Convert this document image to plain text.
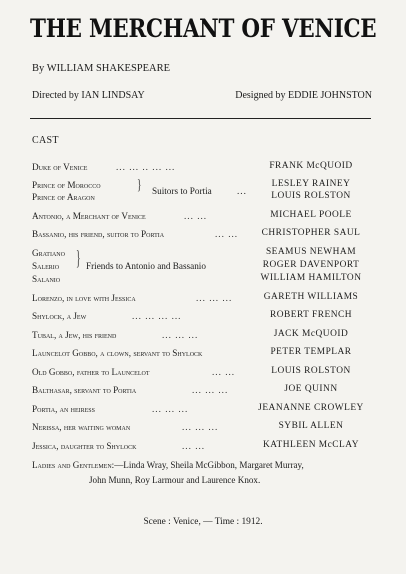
THE MERCHANT OF VENICE
By WILLIAM SHAKESPEARE
Directed by IAN LINDSAY	Designed by EDDIE JOHNSTON
CAST
Duke of Venice	... ... .. ... ...	FRANK McQUOID
Prince of Morocco	LESLEY RAINEY
Prince of Aragon	LOUIS ROLSTON
} Suitors to Portia	...
Antonio, a Merchant of Venice	... ...	MICHAEL POOLE
Bassanio, his friend, suitor to Portia	... ...	CHRISTOPHER SAUL
Gratiano	SEAMUS NEWHAM
Salerio	ROGER DAVENPORT
Salanio	WILLIAM HAMILTON
} Friends to Antonio and Bassanio
Lorenzo, in love with Jessica	... ... ...	GARETH WILLIAMS
Shylock, a Jew	... ... ... ...	ROBERT FRENCH
Tubal, a Jew, his friend	... ... ...	JACK McQUOID
Launcelot Gobbo, a clown, servant to Shylock	PETER TEMPLAR
Old Gobbo, father to Launcelot	... ...	LOUIS ROLSTON
Balthasar, servant to Portia	... ... ...	JOE QUINN
Portia, an heiress	... ... ...	JEANANNE CROWLEY
Nerissa, her waiting woman	... ... ...	SYBIL ALLEN
Jessica, daughter to Shylock	... ...	KATHLEEN McCLAY
Ladies and Gentlemen:—Linda Wray, Sheila McGibbon, Margaret Murray,
John Munn, Roy Larmour and Laurence Knox.
Scene : Venice, — Time : 1912.
